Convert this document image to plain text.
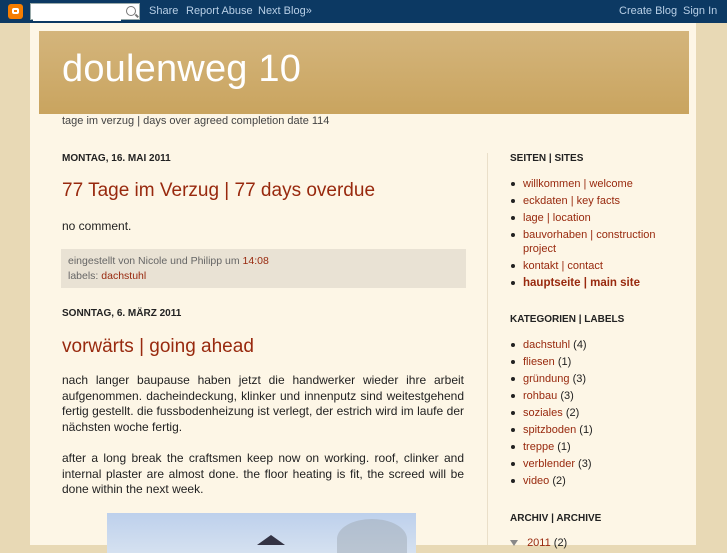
Share Report Abuse Next Blog»	Create Blog Sign In
doulenweg 10
tage im verzug | days over agreed completion date 114
MONTAG, 16. MAI 2011
77 Tage im Verzug | 77 days overdue
no comment.
eingestellt von Nicole und Philipp um 14:08
labels: dachstuhl
SONNTAG, 6. MÄRZ 2011
vorwärts | going ahead
nach langer baupause haben jetzt die handwerker wieder ihre arbeit aufgenommen. dacheindeckung, klinker und innenputz sind weitestgehend fertig gestellt. die fussbodenheizung ist verlegt, der estrich wird im laufe der nächsten woche fertig.
after a long break the craftsmen keep now on working. roof, clinker and internal plaster are almost done. the floor heating is fit, the screed will be done within the next week.
SEITEN | SITES
willkommen | welcome
eckdaten | key facts
lage | location
bauvorhaben | construction project
kontakt | contact
hauptseite | main site
KATEGORIEN | LABELS
dachstuhl (4)
fliesen (1)
gründung (3)
rohbau (3)
soziales (2)
spitzboden (1)
treppe (1)
verblender (3)
video (2)
ARCHIV | ARCHIVE
2011 (2)
